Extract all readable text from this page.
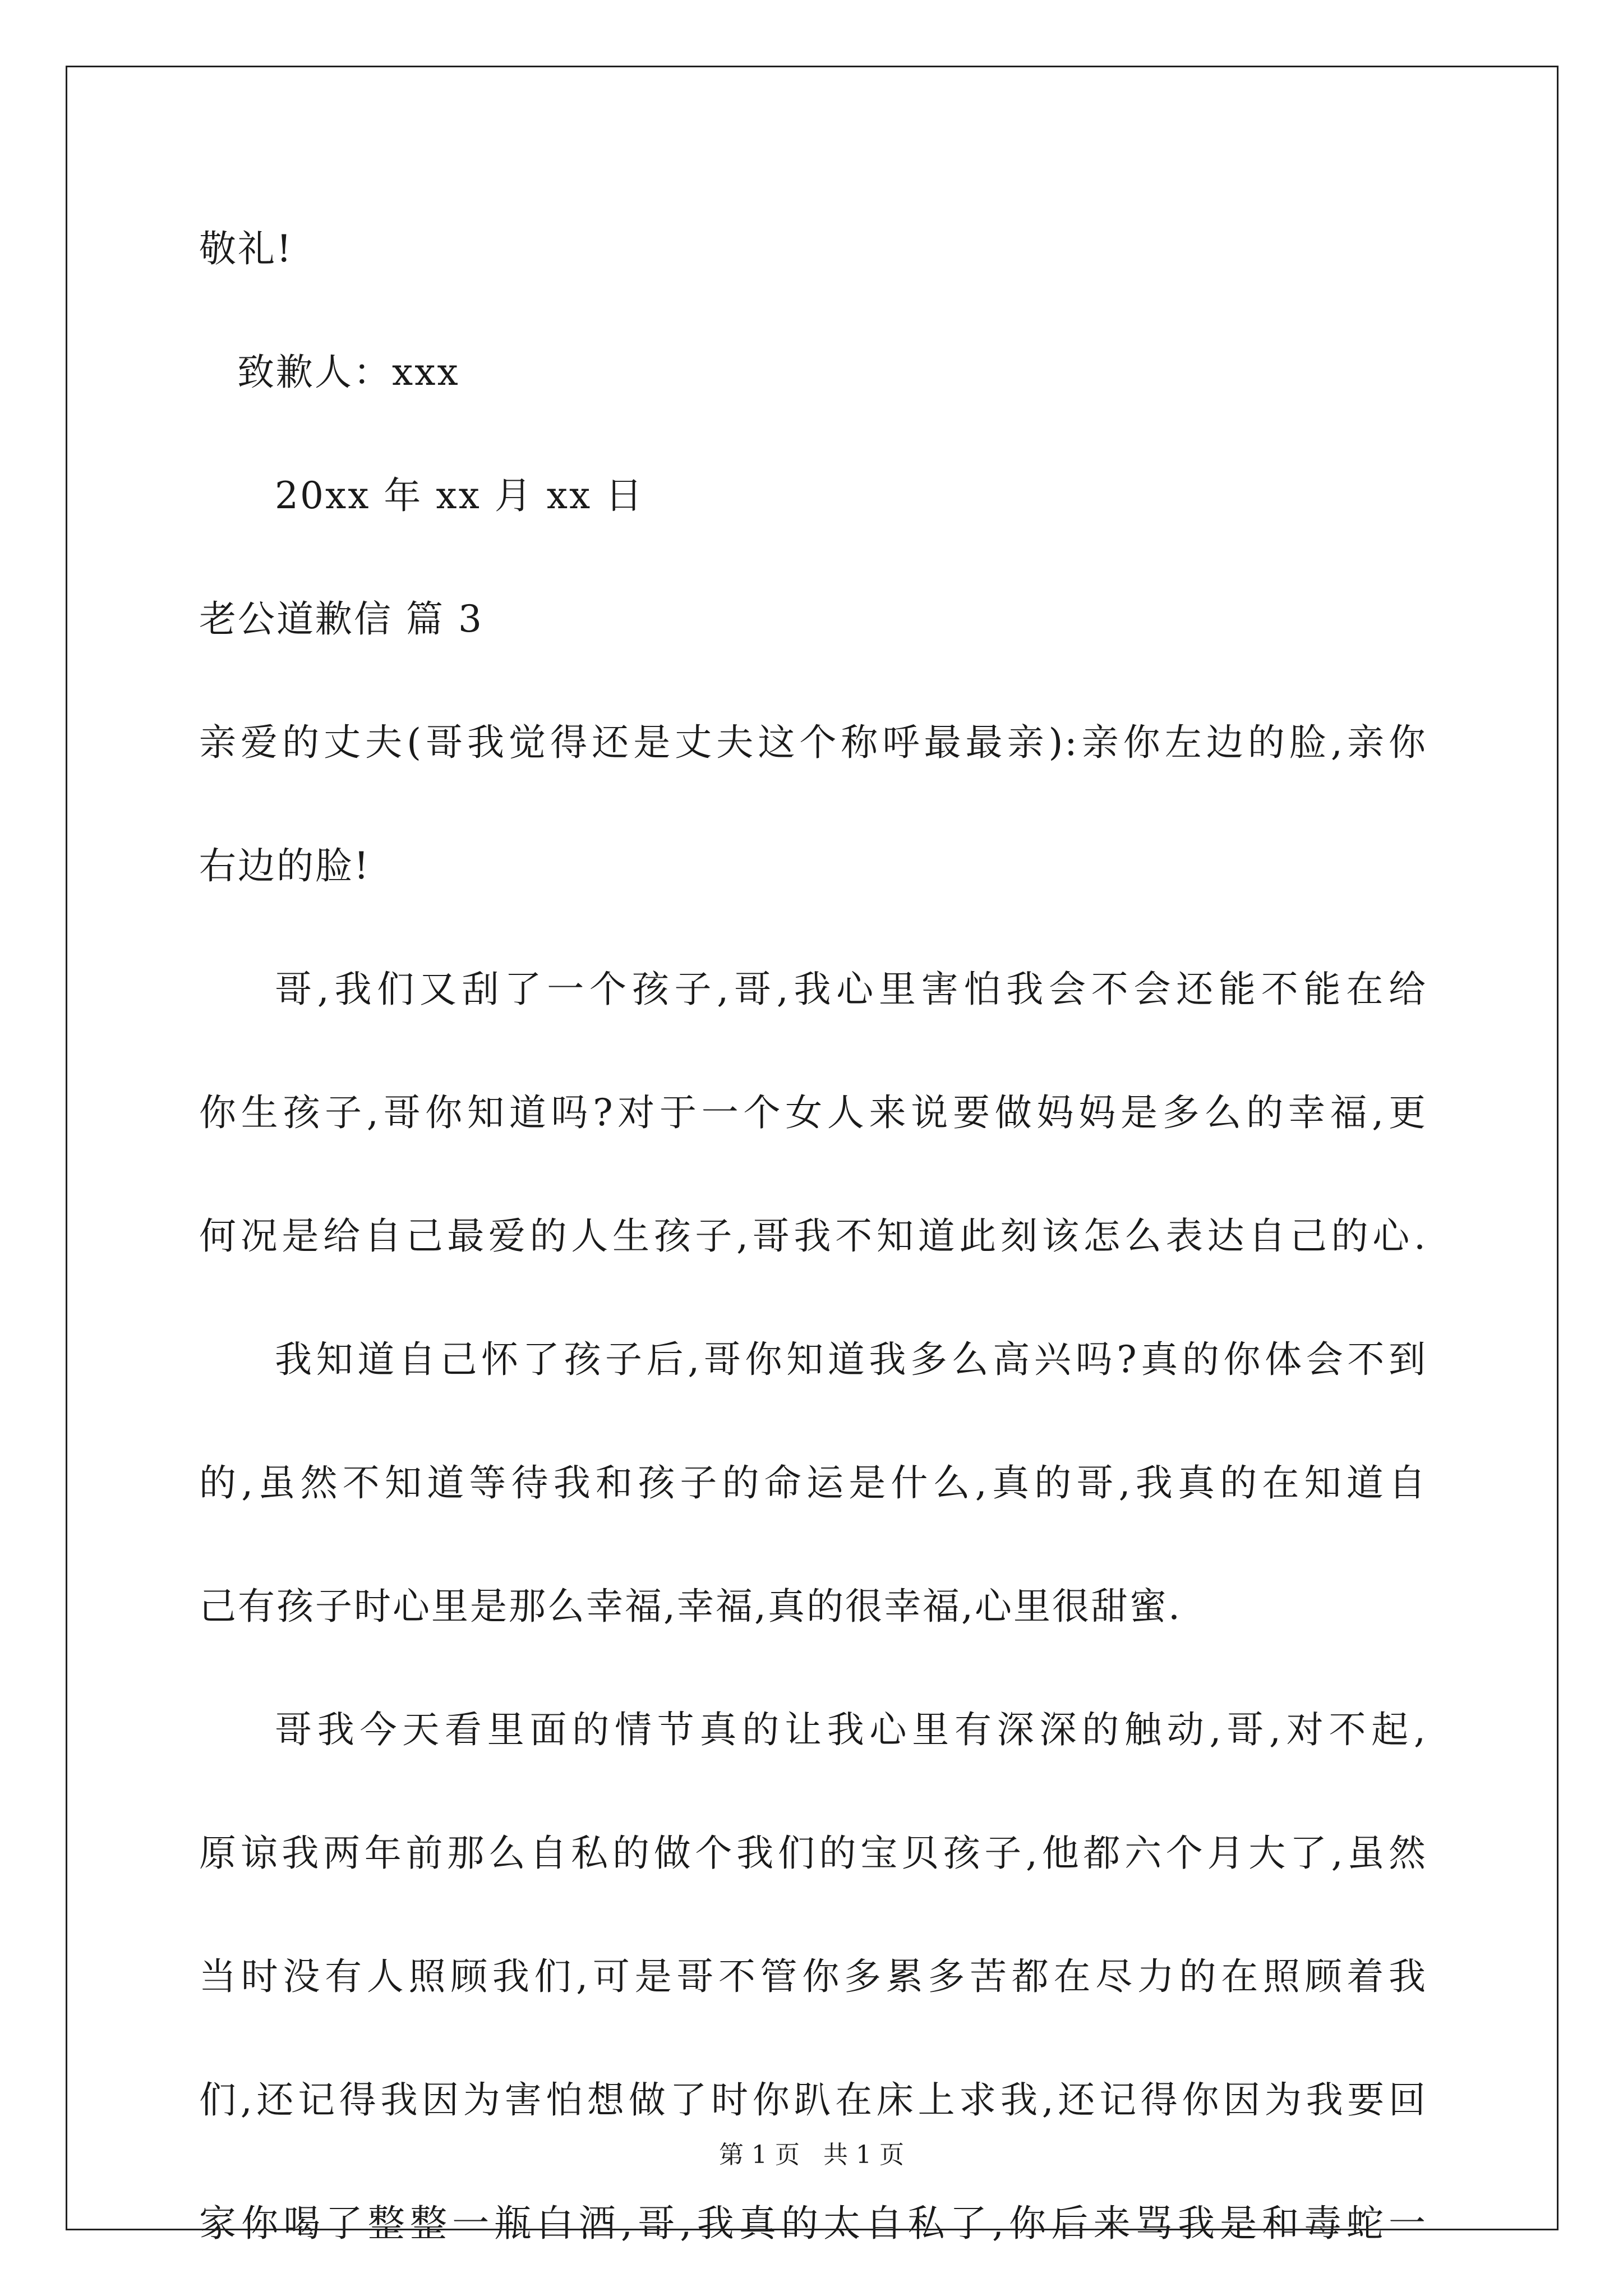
敬礼!
致歉人：xxx
20xx 年 xx 月 xx 日
老公道歉信 篇 3
亲爱的丈夫(哥我觉得还是丈夫这个称呼最最亲):亲你左边的脸,亲你
右边的脸!
哥,我们又刮了一个孩子,哥,我心里害怕我会不会还能不能在给
你生孩子,哥你知道吗?对于一个女人来说要做妈妈是多么的幸福,更
何况是给自己最爱的人生孩子,哥我不知道此刻该怎么表达自己的心.
我知道自己怀了孩子后,哥你知道我多么高兴吗?真的你体会不到
的,虽然不知道等待我和孩子的命运是什么,真的哥,我真的在知道自
己有孩子时心里是那么幸福,幸福,真的很幸福,心里很甜蜜.
哥我今天看里面的情节真的让我心里有深深的触动,哥,对不起,
原谅我两年前那么自私的做个我们的宝贝孩子,他都六个月大了,虽然
当时没有人照顾我们,可是哥不管你多累多苦都在尽力的在照顾着我
们,还记得我因为害怕想做了时你趴在床上求我,还记得你因为我要回
家你喝了整整一瓶白酒,哥,我真的太自私了,你后来骂我是和毒蛇一
第 1 页   共 1 页
